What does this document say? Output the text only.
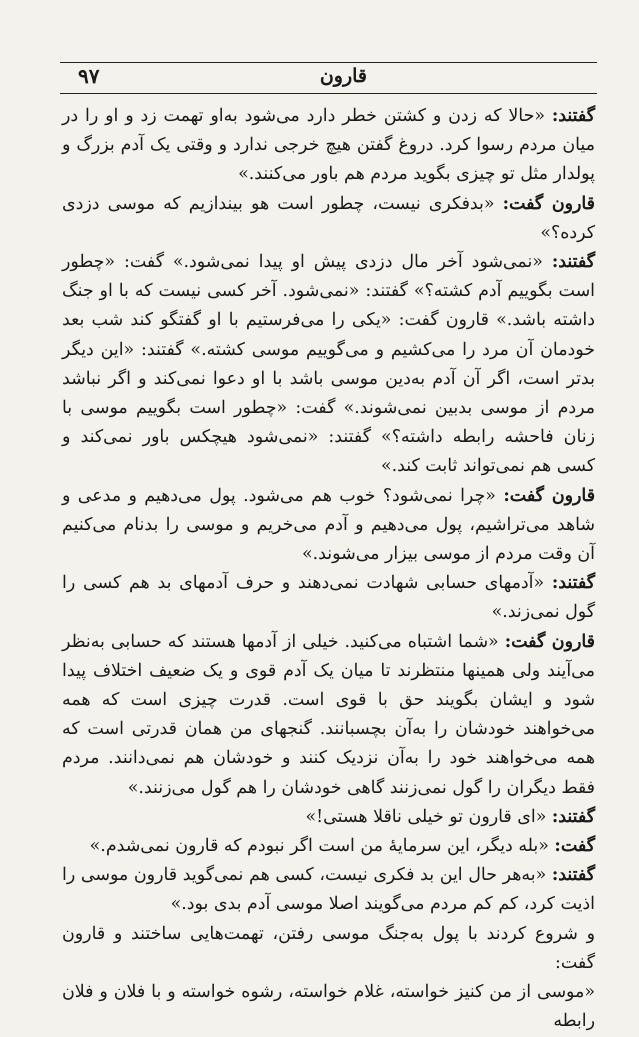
۹۷	قارون

گفتند: «حالا که زدن و کشتن خطر دارد می‌شود به‌او تهمت زد و او را در میان مردم رسوا کرد. دروغ گفتن هیچ خرجی ندارد و وقتی یک آدم بزرگ و پولدار مثل تو چیزی بگوید مردم هم باور می‌کنند.»

قارون گفت: «بدفکری نیست، چطور است هو بیندازیم که موسی دزدی کرده؟»

گفتند: «نمی‌شود آخر مال دزدی پیش او پیدا نمی‌شود.» گفت: «چطور است بگوییم آدم کشته؟» گفتند: «نمی‌شود. آخر کسی نیست که با او جنگ داشته باشد.» قارون گفت: «یکی را می‌فرستیم با او گفتگو کند شب بعد خودمان آن مرد را می‌کشیم و می‌گوییم موسی کشته.» گفتند: «این دیگر بدتر است، اگر آن آدم به‌دین موسی باشد با او دعوا نمی‌کند و اگر نباشد مردم از موسی بدبین نمی‌شوند.» گفت: «چطور است بگوییم موسی با زنان فاحشه رابطه داشته؟» گفتند: «نمی‌شود هیچکس باور نمی‌کند و کسی هم نمی‌تواند ثابت کند.»

قارون گفت: «چرا نمی‌شود؟ خوب هم می‌شود. پول می‌دهیم و مدعی و شاهد می‌تراشیم، پول می‌دهیم و آدم می‌خریم و موسی را بدنام می‌کنیم آن وقت مردم از موسی بیزار می‌شوند.»

گفتند: «آدمهای حسابی شهادت نمی‌دهند و حرف آدمهای بد هم کسی را گول نمی‌زند.»

قارون گفت: «شما اشتباه می‌کنید. خیلی از آدمها هستند که حسابی به‌نظر می‌آیند ولی همینها منتظرند تا میان یک آدم قوی و یک ضعیف اختلاف پیدا شود و ایشان بگویند حق با قوی است. قدرت چیزی است که همه می‌خواهند خودشان را به‌آن بچسبانند. گنجهای من همان قدرتی است که همه می‌خواهند خود را به‌آن نزدیک کنند و خودشان هم نمی‌دانند. مردم فقط دیگران را گول نمی‌زنند گاهی خودشان را هم گول می‌زنند.»

گفتند: «ای قارون تو خیلی ناقلا هستی!»

گفت: «بله دیگر، این سرمایهٔ من است اگر نبودم که قارون نمی‌شدم.»

گفتند: «به‌هر حال این بد فکری نیست، کسی هم نمی‌گوید قارون موسی را اذیت کرد، کم کم مردم می‌گویند اصلا موسی آدم بدی بود.»

و شروع کردند با پول به‌جنگ موسی رفتن، تهمت‌هایی ساختند و قارون گفت:

«موسی از من کنیز خواسته، غلام خواسته، رشوه خواسته و با فلان و فلان رابطه
